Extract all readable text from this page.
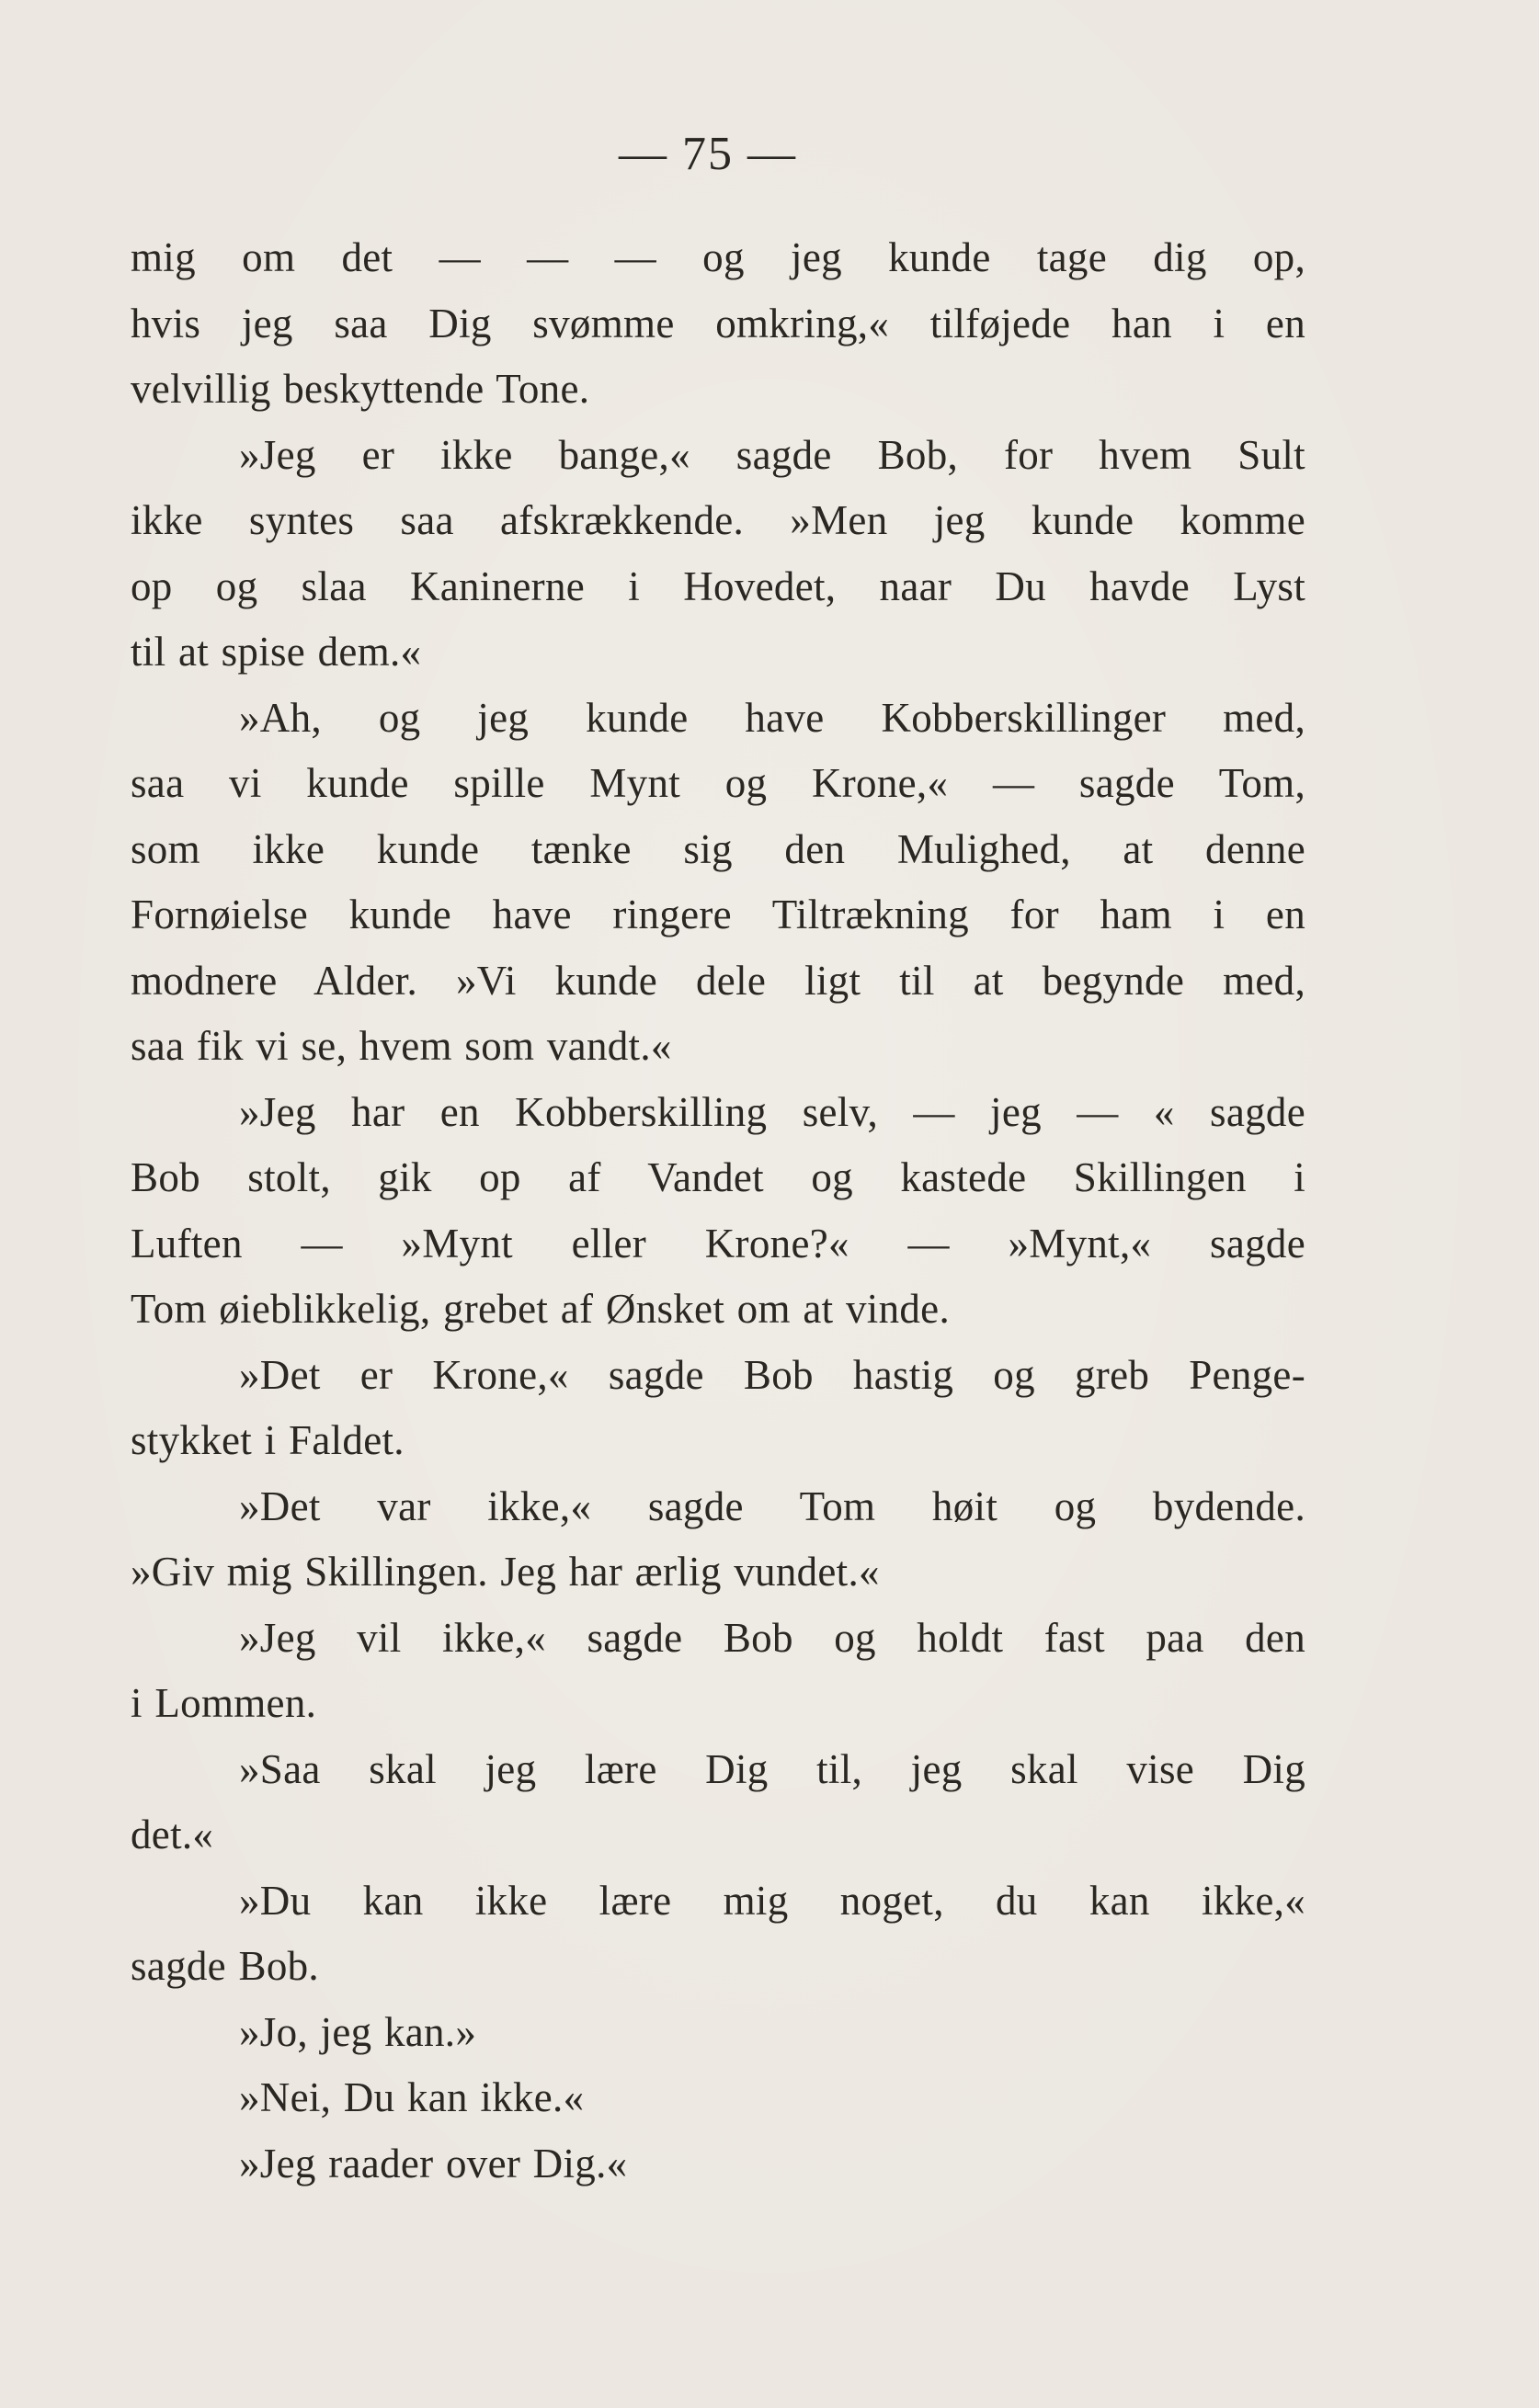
— 75 —
mig om det — — — og jeg kunde tage dig op,
hvis jeg saa Dig svømme omkring,« tilføjede han i en
velvillig beskyttende Tone.
»Jeg er ikke bange,« sagde Bob, for hvem Sult
ikke syntes saa afskrækkende. »Men jeg kunde komme
op og slaa Kaninerne i Hovedet, naar Du havde Lyst
til at spise dem.«
»Ah, og jeg kunde have Kobberskillinger med,
saa vi kunde spille Mynt og Krone,« — sagde Tom,
som ikke kunde tænke sig den Mulighed, at denne
Fornøielse kunde have ringere Tiltrækning for ham i en
modnere Alder. »Vi kunde dele ligt til at begynde med,
saa fik vi se, hvem som vandt.«
»Jeg har en Kobberskilling selv, — jeg — « sagde
Bob stolt, gik op af Vandet og kastede Skillingen i
Luften — »Mynt eller Krone?« — »Mynt,« sagde
Tom øieblikkelig, grebet af Ønsket om at vinde.
»Det er Krone,« sagde Bob hastig og greb Penge-
stykket i Faldet.
»Det var ikke,« sagde Tom høit og bydende.
»Giv mig Skillingen. Jeg har ærlig vundet.«
»Jeg vil ikke,« sagde Bob og holdt fast paa den
i Lommen.
»Saa skal jeg lære Dig til, jeg skal vise Dig
det.«
»Du kan ikke lære mig noget, du kan ikke,«
sagde Bob.
»Jo, jeg kan.»
»Nei, Du kan ikke.«
»Jeg raader over Dig.«
